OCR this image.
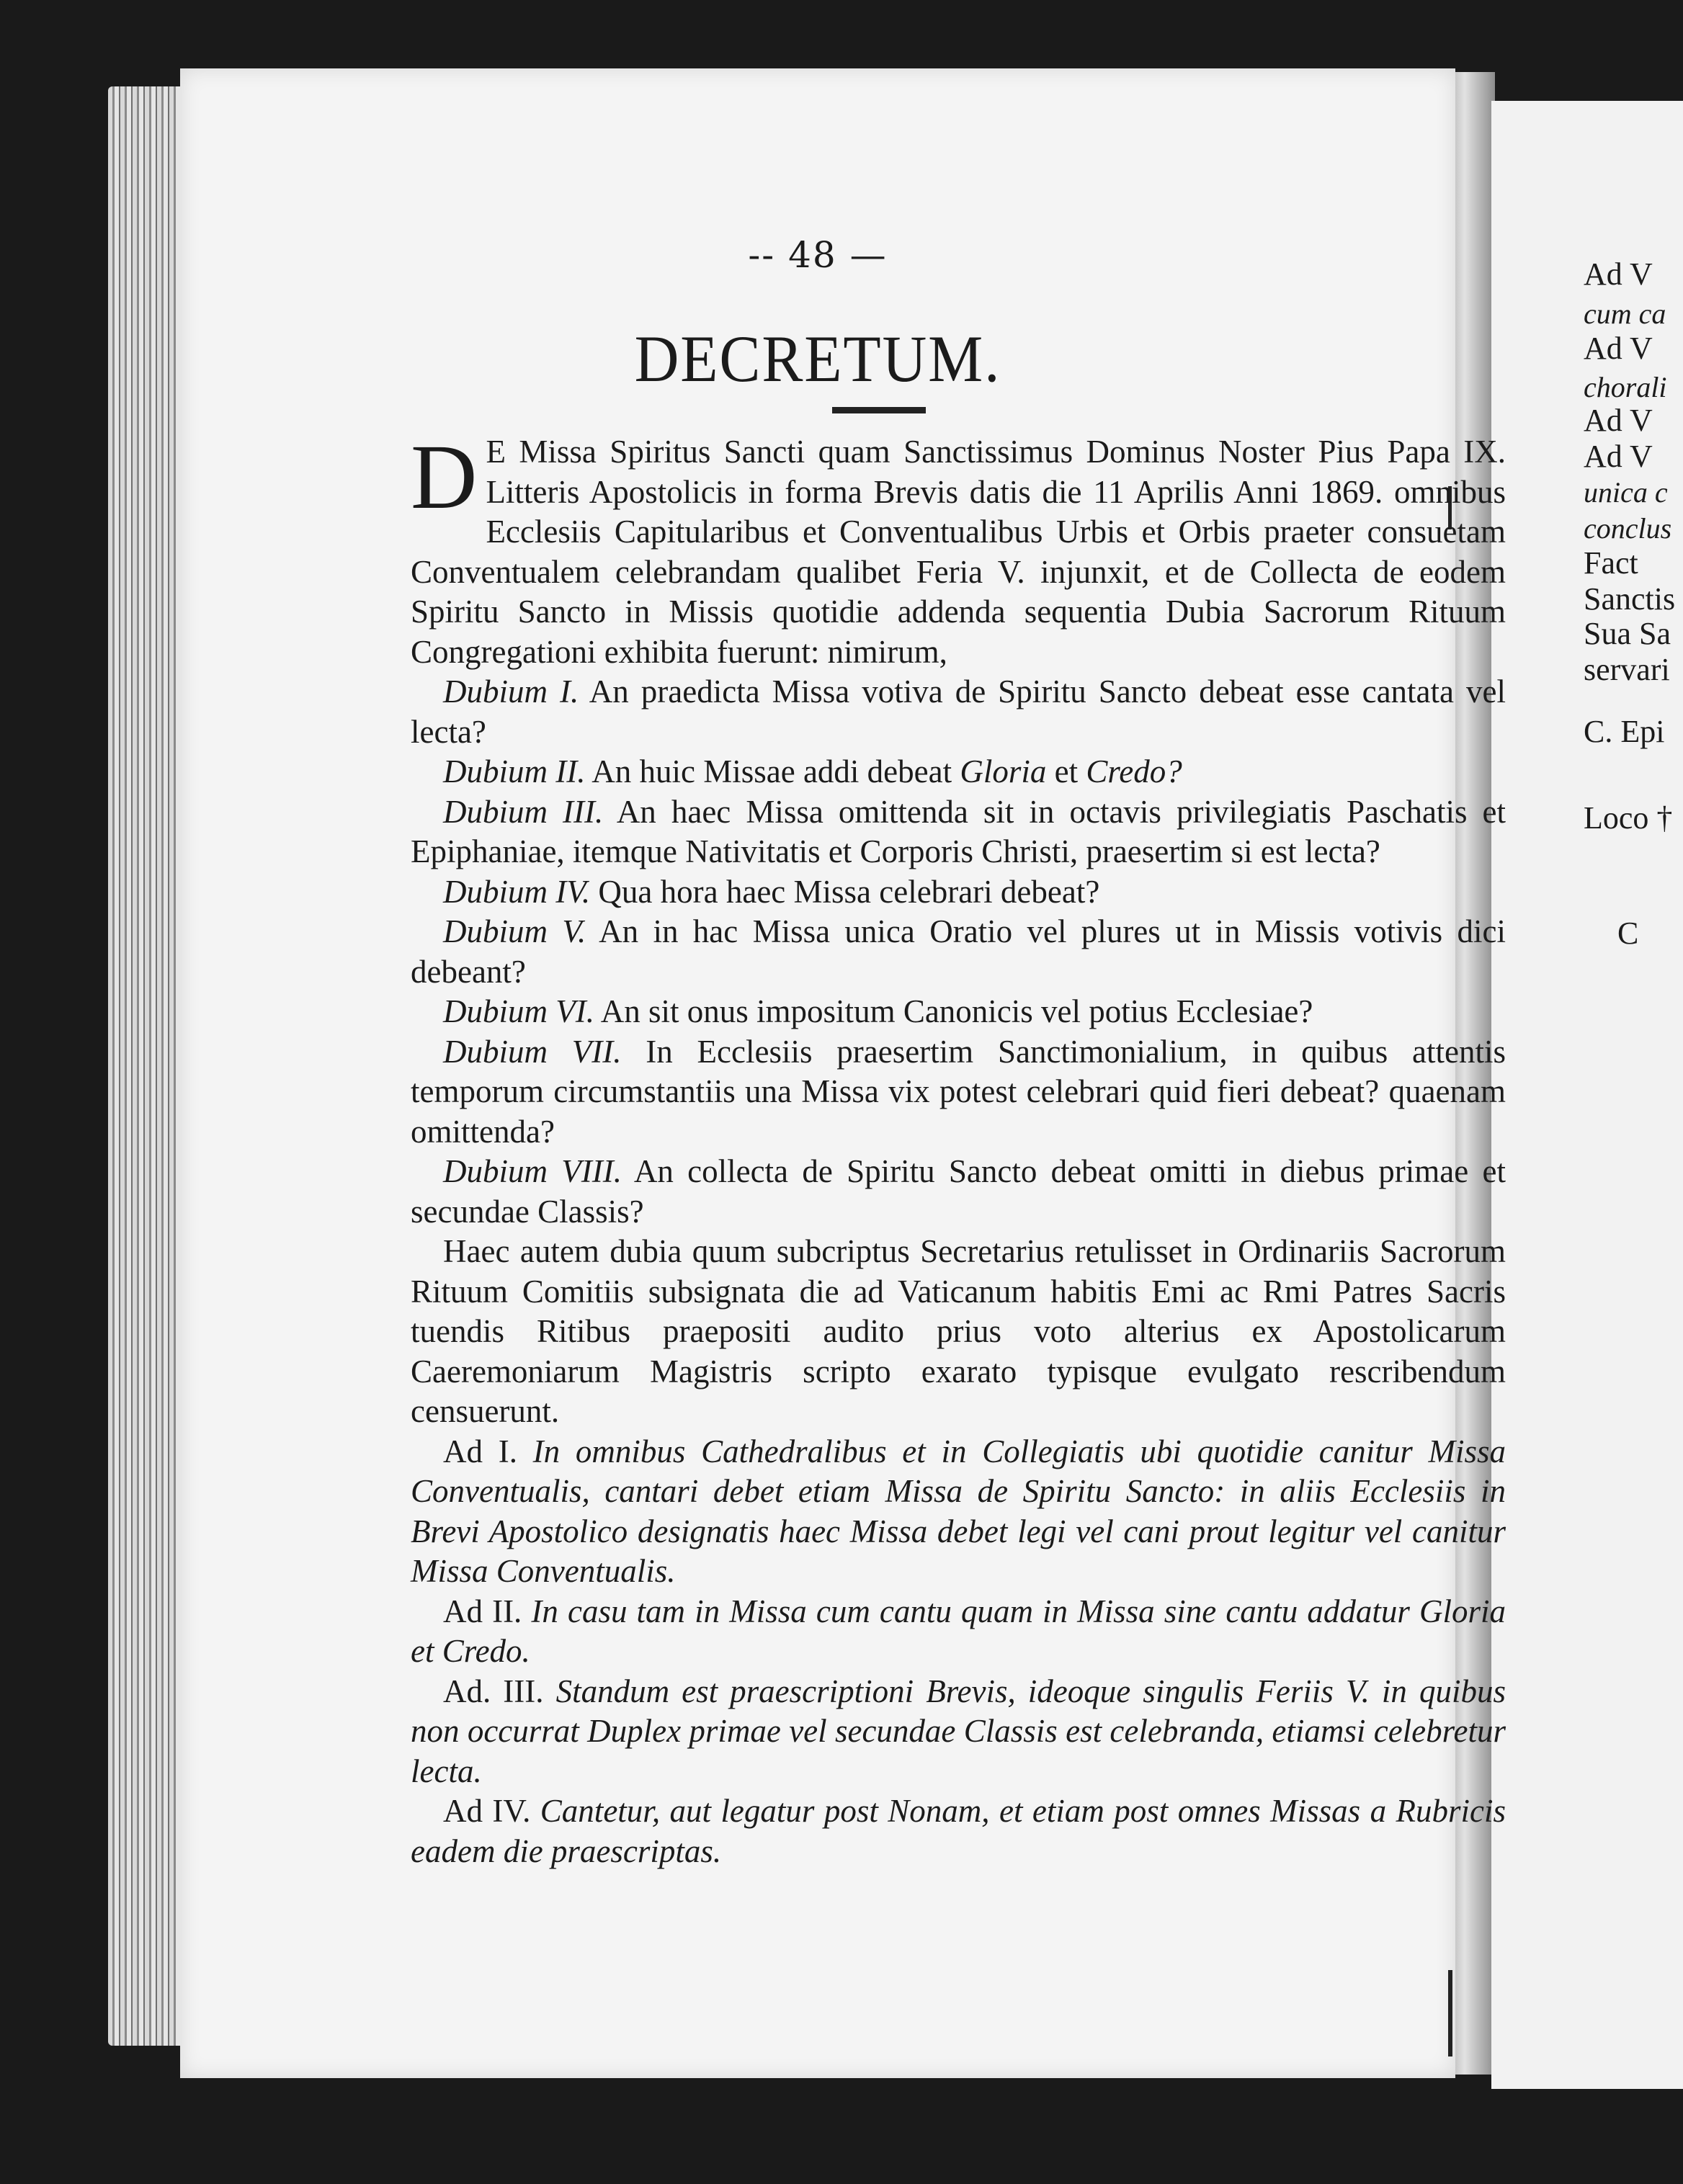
Ad V
cum ca
Ad V
chorali
Ad V
Ad V
unica c
conclus
Fact
Sanctis
Sua Sa
servari
C. Epi
Loco †
C
-- 48 —
DECRETUM.

D E Missa Spiritus Sancti quam Sanctissimus Dominus Noster Pius Papa IX. Litteris Apostolicis in forma Brevis datis die 11 Aprilis Anni 1869. omnibus Ecclesiis Capitularibus et Conventualibus Urbis et Orbis praeter consuetam Conventualem celebrandam qualibet Feria V. injunxit, et de Collecta de eodem Spiritu Sancto in Missis quotidie addenda sequentia Dubia Sacrorum Rituum Congregationi exhibita fuerunt: nimirum,

Dubium I. An praedicta Missa votiva de Spiritu Sancto debeat esse cantata vel lecta?

Dubium II. An huic Missae addi debeat Gloria et Credo?

Dubium III. An haec Missa omittenda sit in octavis privilegiatis Paschatis et Epiphaniae, itemque Nativitatis et Corporis Christi, praesertim si est lecta?

Dubium IV. Qua hora haec Missa celebrari debeat?

Dubium V. An in hac Missa unica Oratio vel plures ut in Missis votivis dici debeant?

Dubium VI. An sit onus impositum Canonicis vel potius Ecclesiae?

Dubium VII. In Ecclesiis praesertim Sanctimonialium, in quibus attentis temporum circumstantiis una Missa vix potest celebrari quid fieri debeat? quaenam omittenda?

Dubium VIII. An collecta de Spiritu Sancto debeat omitti in diebus primae et secundae Classis?

Haec autem dubia quum subcriptus Secretarius retulisset in Ordinariis Sacrorum Rituum Comitiis subsignata die ad Vaticanum habitis Emi ac Rmi Patres Sacris tuendis Ritibus praepositi audito prius voto alterius ex Apostolicarum Caeremoniarum Magistris scripto exarato typisque evulgato rescribendum censuerunt.

Ad I. In omnibus Cathedralibus et in Collegiatis ubi quotidie canitur Missa Conventualis, cantari debet etiam Missa de Spiritu Sancto: in aliis Ecclesiis in Brevi Apostolico designatis haec Missa debet legi vel cani prout legitur vel canitur Missa Conventualis.

Ad II. In casu tam in Missa cum cantu quam in Missa sine cantu addatur Gloria et Credo.

Ad. III. Standum est praescriptioni Brevis, ideoque singulis Feriis V. in quibus non occurrat Duplex primae vel secundae Classis est celebranda, etiamsi celebretur lecta.

Ad IV. Cantetur, aut legatur post Nonam, et etiam post omnes Missas a Rubricis eadem die praescriptas.
